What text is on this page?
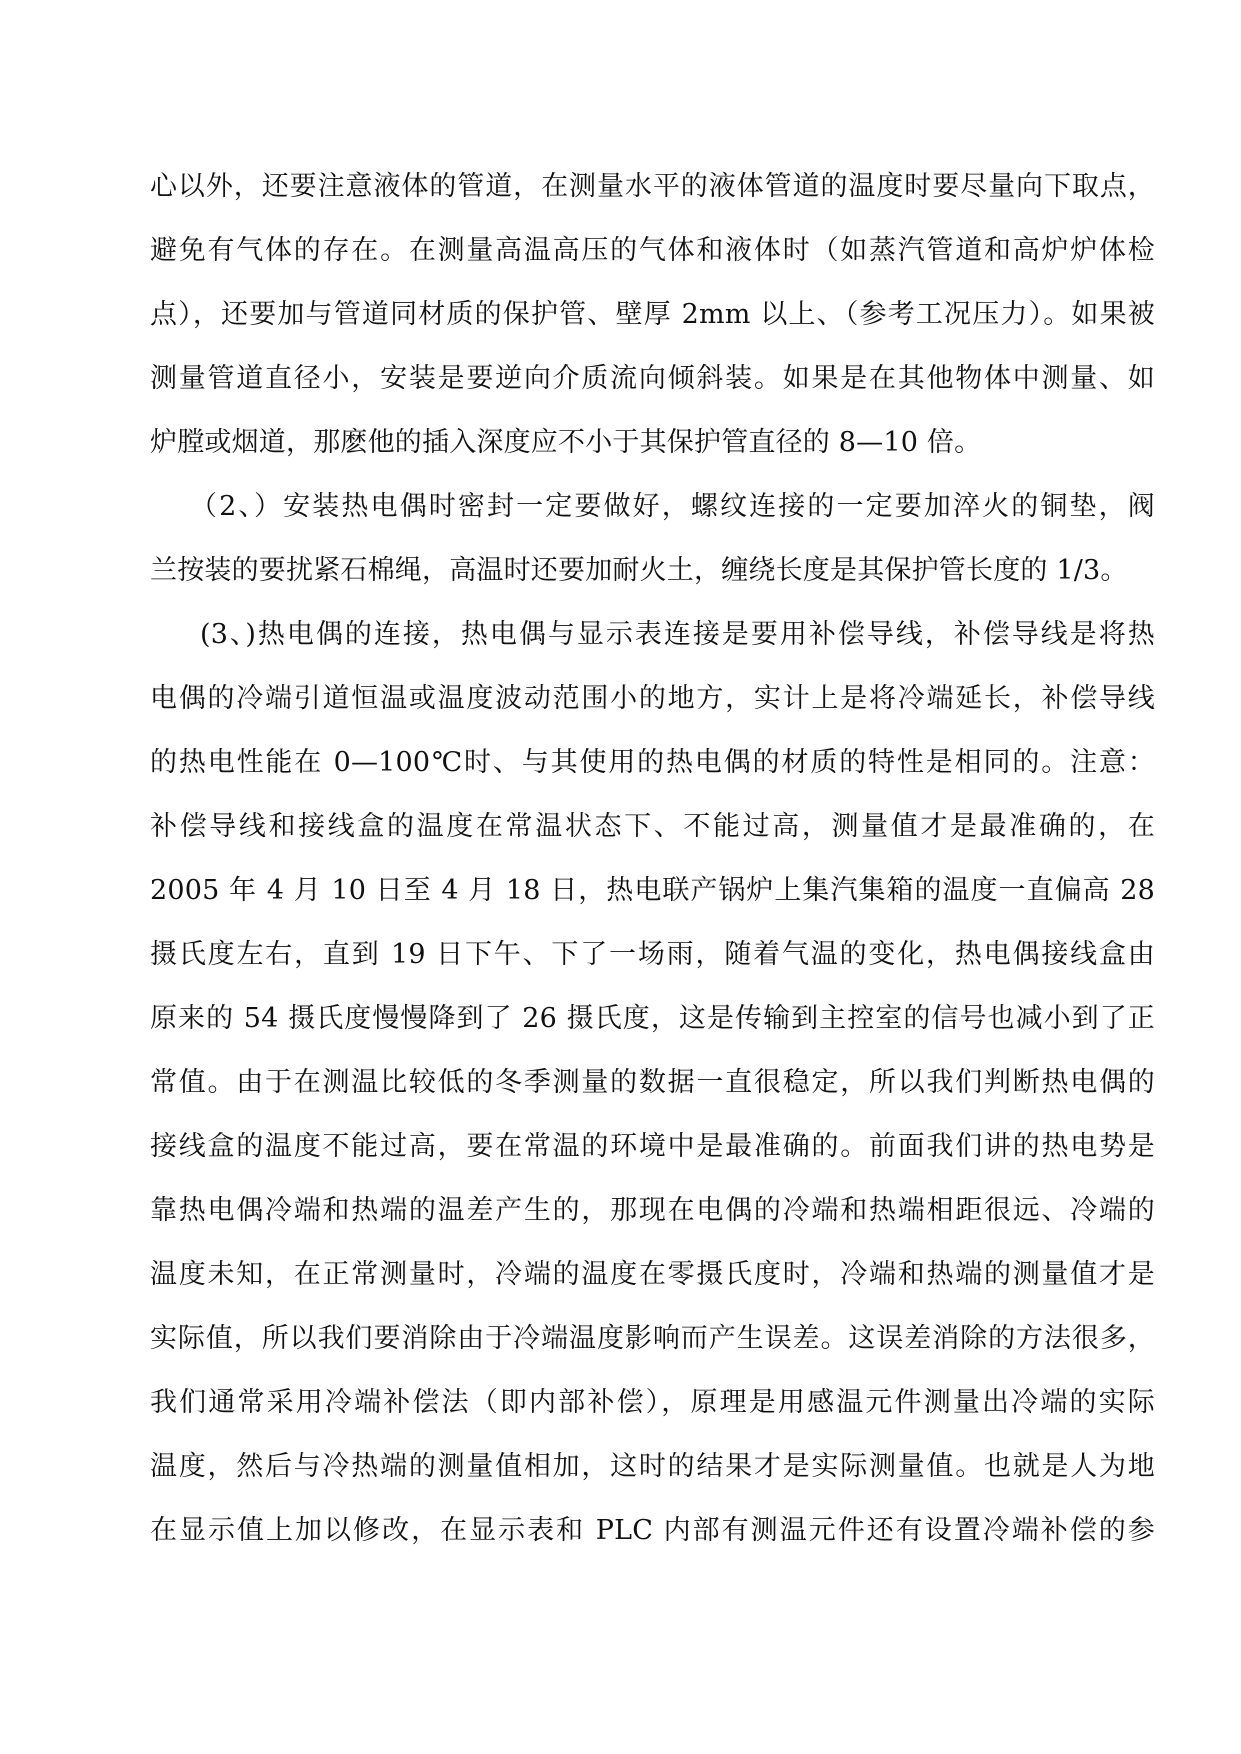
心以外，还要注意液体的管道，在测量水平的液体管道的温度时要尽量向下取点，
避免有气体的存在。在测量高温高压的气体和液体时（如蒸汽管道和高炉炉体检
点），还要加与管道同材质的保护管、壁厚 2mm 以上、（参考工况压力）。如果被
测量管道直径小，安装是要逆向介质流向倾斜装。如果是在其他物体中测量、如
炉膛或烟道，那麽他的插入深度应不小于其保护管直径的 8—10 倍。
（2、）安装热电偶时密封一定要做好，螺纹连接的一定要加淬火的铜垫，阀
兰按装的要扰紧石棉绳，高温时还要加耐火土，缠绕长度是其保护管长度的 1/3。
(3、)热电偶的连接，热电偶与显示表连接是要用补偿导线，补偿导线是将热
电偶的冷端引道恒温或温度波动范围小的地方，实计上是将冷端延长，补偿导线
的热电性能在 0—100℃时、与其使用的热电偶的材质的特性是相同的。注意：
补偿导线和接线盒的温度在常温状态下、不能过高，测量值才是最准确的，在
2005 年 4 月 10 日至 4 月 18 日，热电联产锅炉上集汽集箱的温度一直偏高 28
摄氏度左右，直到 19 日下午、下了一场雨，随着气温的变化，热电偶接线盒由
原来的 54 摄氏度慢慢降到了 26 摄氏度，这是传输到主控室的信号也减小到了正
常值。由于在测温比较低的冬季测量的数据一直很稳定，所以我们判断热电偶的
接线盒的温度不能过高，要在常温的环境中是最准确的。前面我们讲的热电势是
靠热电偶冷端和热端的温差产生的，那现在电偶的冷端和热端相距很远、冷端的
温度未知，在正常测量时，冷端的温度在零摄氏度时，冷端和热端的测量值才是
实际值，所以我们要消除由于冷端温度影响而产生误差。这误差消除的方法很多，
我们通常采用冷端补偿法（即内部补偿），原理是用感温元件测量出冷端的实际
温度，然后与冷热端的测量值相加，这时的结果才是实际测量值。也就是人为地
在显示值上加以修改，在显示表和 PLC 内部有测温元件还有设置冷端补偿的参
